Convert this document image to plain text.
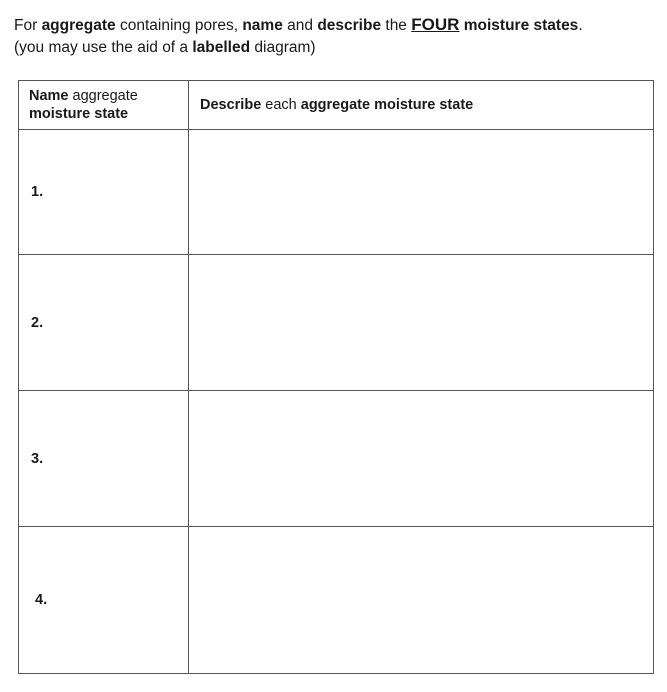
For aggregate containing pores, name and describe the FOUR moisture states.
(you may use the aid of a labelled diagram)
Name aggregate
moisture state	Describe each aggregate moisture state
1.	
2.	
3.	
4.	
